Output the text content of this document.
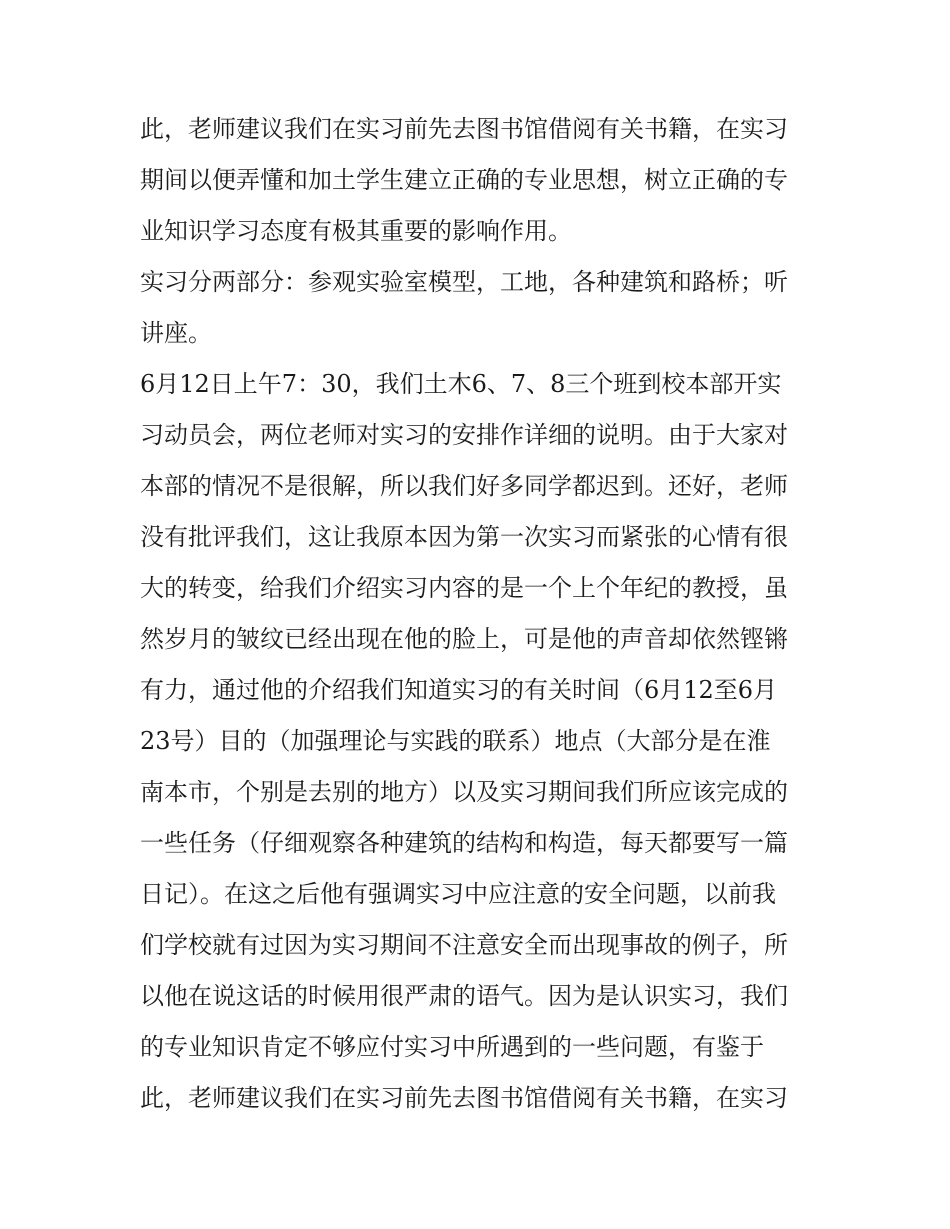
此，老师建议我们在实习前先去图书馆借阅有关书籍，在实习
期间以便弄懂和加土学生建立正确的专业思想，树立正确的专
业知识学习态度有极其重要的影响作用。
实习分两部分：参观实验室模型，工地，各种建筑和路桥；听
讲座。
6月12日上午7：30，我们土木6、7、8三个班到校本部开实
习动员会，两位老师对实习的安排作详细的说明。由于大家对
本部的情况不是很解，所以我们好多同学都迟到。还好，老师
没有批评我们，这让我原本因为第一次实习而紧张的心情有很
大的转变，给我们介绍实习内容的是一个上个年纪的教授，虽
然岁月的皱纹已经出现在他的脸上，可是他的声音却依然铿锵
有力，通过他的介绍我们知道实习的有关时间（6月12至6月
23号）目的（加强理论与实践的联系）地点（大部分是在淮
南本市，个别是去别的地方）以及实习期间我们所应该完成的
一些任务（仔细观察各种建筑的结构和构造，每天都要写一篇
日记）。在这之后他有强调实习中应注意的安全问题，以前我
们学校就有过因为实习期间不注意安全而出现事故的例子，所
以他在说这话的时候用很严肃的语气。因为是认识实习，我们
的专业知识肯定不够应付实习中所遇到的一些问题，有鉴于
此，老师建议我们在实习前先去图书馆借阅有关书籍，在实习
